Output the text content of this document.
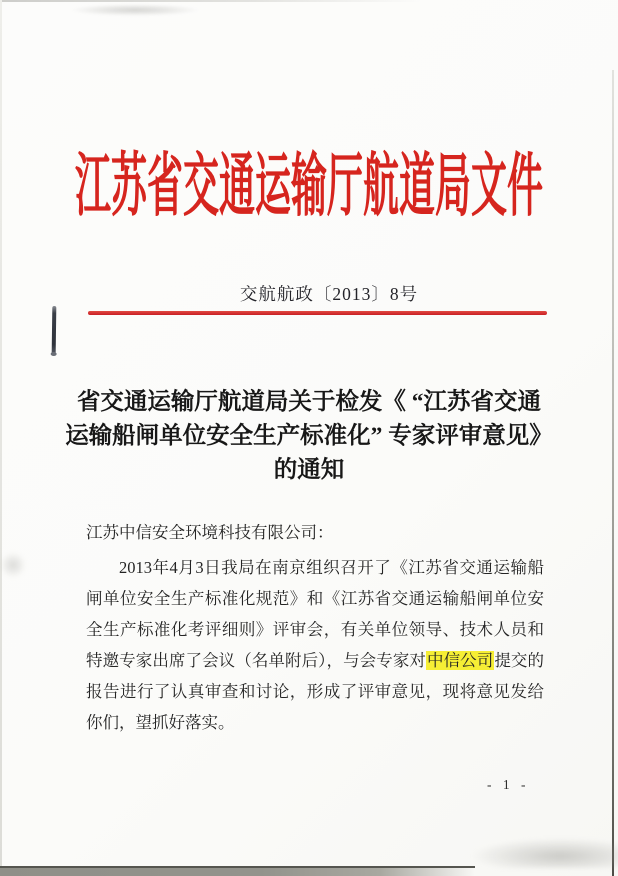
江苏省交通运输厅航道局文件
交航航政〔2013〕8号
省交通运输厅航道局关于检发《 “江苏省交通
运输船闸单位安全生产标准化” 专家评审意见》
的通知

江苏中信安全环境科技有限公司：

2013年4月3日我局在南京组织召开了《江苏省交通运输船闸单位安全生产标准化规范》和《江苏省交通运输船闸单位安全生产标准化考评细则》评审会，有关单位领导、技术人员和特邀专家出席了会议（名单附后），与会专家对中信公司提交的报告进行了认真审查和讨论，形成了评审意见，现将意见发给你们，望抓好落实。

- 1 -
